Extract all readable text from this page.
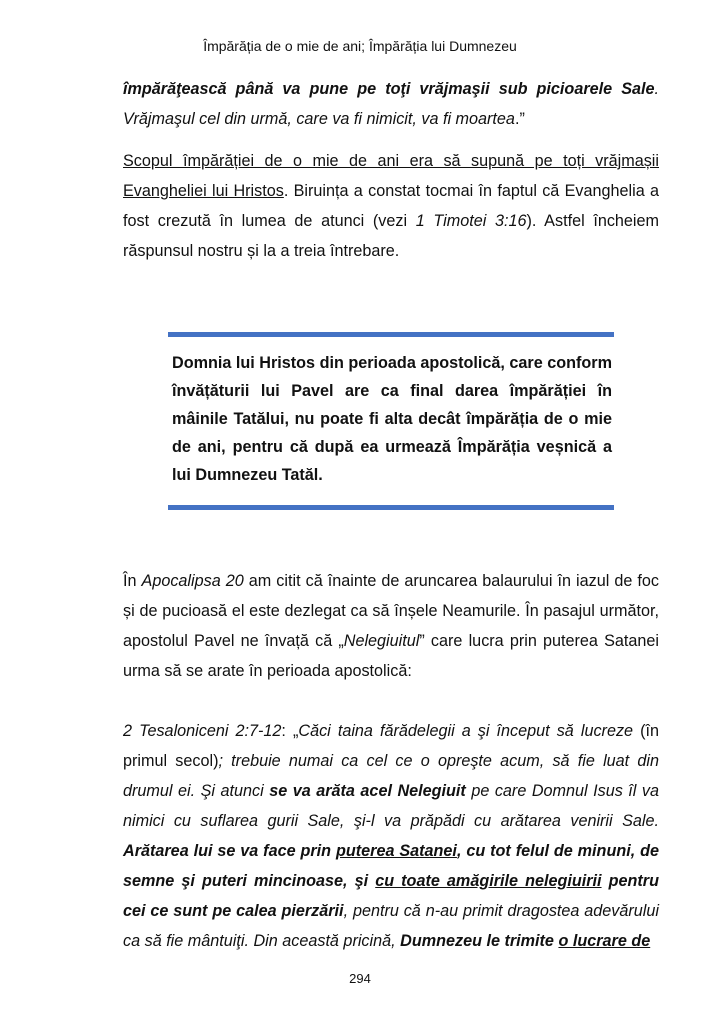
Împărăția de o mie de ani; Împărăția lui Dumnezeu

împărăţească până va pune pe toţi vrăjmaşii sub picioarele Sale. Vrăjmaşul cel din urmă, care va fi nimicit, va fi moartea.”

Scopul împărăției de o mie de ani era să supună pe toți vrăjmașii Evangheliei lui Hristos. Biruința a constat tocmai în faptul că Evanghelia a fost crezută în lumea de atunci (vezi 1 Timotei 3:16). Astfel încheiem răspunsul nostru și la a treia întrebare.

Domnia lui Hristos din perioada apostolică, care conform învățăturii lui Pavel are ca final darea împărăției în mâinile Tatălui, nu poate fi alta decât împărăția de o mie de ani, pentru că după ea urmează Împărăția veșnică a lui Dumnezeu Tatăl.

În Apocalipsa 20 am citit că înainte de aruncarea balaurului în iazul de foc și de pucioasă el este dezlegat ca să înșele Neamurile. În pasajul următor, apostolul Pavel ne învață că „Nelegiuitul” care lucra prin puterea Satanei urma să se arate în perioada apostolică:

2 Tesaloniceni 2:7-12: „Căci taina fărădelegii a şi început să lucreze (în primul secol); trebuie numai ca cel ce o opreşte acum, să fie luat din drumul ei. Şi atunci se va arăta acel Nelegiuit pe care Domnul Isus îl va nimici cu suflarea gurii Sale, şi-l va prăpădi cu arătarea venirii Sale. Arătarea lui se va face prin puterea Satanei, cu tot felul de minuni, de semne şi puteri mincinoase, şi cu toate amăgirile nelegiuirii pentru cei ce sunt pe calea pierzării, pentru că n-au primit dragostea adevărului ca să fie mântuiţi. Din această pricină, Dumnezeu le trimite o lucrare de

294
